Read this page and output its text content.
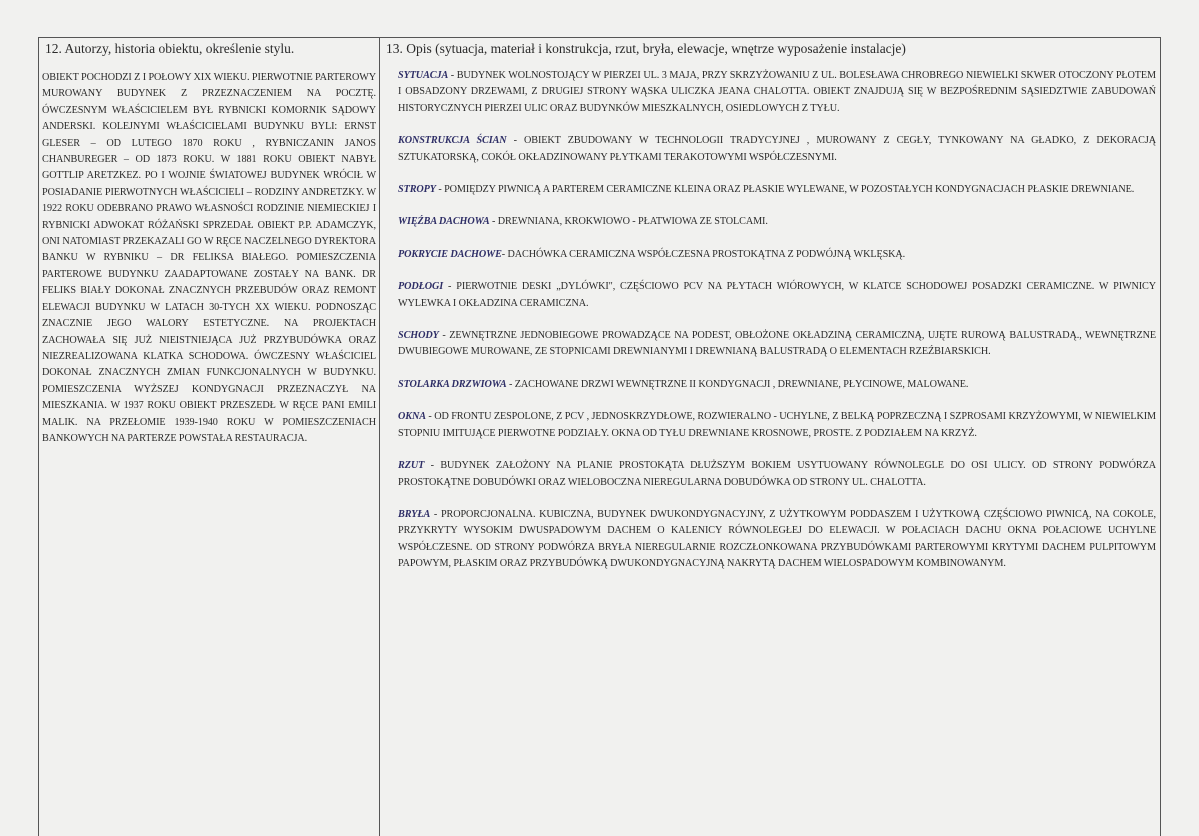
12. Autorzy, historia obiektu, określenie stylu.	13. Opis (sytuacja, materiał i konstrukcja, rzut, bryła, elewacje, wnętrze wyposażenie instalacje)
OBIEKT POCHODZI Z I POŁOWY XIX WIEKU. PIERWOTNIE PARTEROWY MUROWANY BUDYNEK Z PRZEZNACZENIEM NA POCZTĘ. ÓWCZESNYM WŁAŚCICIELEM BYŁ RYBNICKI KOMORNIK SĄDOWY ANDERSKI. KOLEJNYMI WŁAŚCICIELAMI BUDYNKU BYLI: ERNST GLESER – OD LUTEGO 1870 ROKU , RYBNICZANIN JANOS CHANBUREGER – OD 1873 ROKU. W 1881 ROKU OBIEKT NABYŁ GOTTLIP ARETZKEZ. PO I WOJNIE ŚWIATOWEJ BUDYNEK WRÓCIŁ W POSIADANIE PIERWOTNYCH WŁAŚCICIELI – RODZINY ANDRETZKY. W 1922 ROKU ODEBRANO PRAWO WŁASNOŚCI RODZINIE NIEMIECKIEJ I RYBNICKI ADWOKAT RÓŻAŃSKI SPRZEDAŁ OBIEKT P.P. ADAMCZYK, ONI NATOMIAST PRZEKAZALI GO W RĘCE NACZELNEGO DYREKTORA BANKU W RYBNIKU – DR FELIKSA BIAŁEGO. POMIESZCZENIA PARTEROWE BUDYNKU ZAADAPTOWANE ZOSTAŁY NA BANK. DR FELIKS BIAŁY DOKONAŁ ZNACZNYCH PRZEBUDÓW ORAZ REMONT ELEWACJI BUDYNKU W LATACH 30-TYCH XX WIEKU. PODNOSZĄC ZNACZNIE JEGO WALORY ESTETYCZNE. NA PROJEKTACH ZACHOWAŁA SIĘ JUŻ NIEISTNIEJĄCA JUŻ PRZYBUDÓWKA ORAZ NIEZREALIZOWANA KLATKA SCHODOWA. ÓWCZESNY WŁAŚCICIEL DOKONAŁ ZNACZNYCH ZMIAN FUNKCJONALNYCH W BUDYNKU. POMIESZCZENIA WYŻSZEJ KONDYGNACJI PRZEZNACZYŁ NA MIESZKANIA. W 1937 ROKU OBIEKT PRZESZEDŁ W RĘCE PANI EMILI MALIK. NA PRZEŁOMIE 1939-1940 ROKU W POMIESZCZENIACH BANKOWYCH NA PARTERZE POWSTAŁA RESTAURACJA.

SYTUACJA - BUDYNEK WOLNOSTOJĄCY W PIERZEI UL. 3 MAJA, PRZY SKRZYŻOWANIU Z UL. BOLESŁAWA CHROBREGO NIEWIELKI SKWER OTOCZONY PŁOTEM I OBSADZONY DRZEWAMI, Z DRUGIEJ STRONY WĄSKA ULICZKA JEANA CHALOTTA. OBIEKT ZNAJDUJĄ SIĘ W BEZPOŚREDNIM SĄSIEDZTWIE ZABUDOWAŃ HISTORYCZNYCH PIERZEI ULIC ORAZ BUDYNKÓW MIESZKALNYCH, OSIEDLOWYCH Z TYŁU.

KONSTRUKCJA ŚCIAN - OBIEKT ZBUDOWANY W TECHNOLOGII TRADYCYJNEJ , MUROWANY Z CEGŁY, TYNKOWANY NA GŁADKO, Z DEKORACJĄ SZTUKATORSKĄ, COKÓŁ OKŁADZINOWANY PŁYTKAMI TERAKOTOWYMI WSPÓŁCZESNYMI.

STROPY - POMIĘDZY PIWNICĄ A PARTEREM CERAMICZNE KLEINA ORAZ PŁASKIE WYLEWANE, W POZOSTAŁYCH KONDYGNACJACH PŁASKIE DREWNIANE.

WIĘŹBA DACHOWA - DREWNIANA, KROKWIOWO - PŁATWIOWA ZE STOLCAMI.

POKRYCIE DACHOWE- DACHÓWKA CERAMICZNA WSPÓŁCZESNA PROSTOKĄTNA Z PODWÓJNĄ WKLĘSKĄ.

PODŁOGI - PIERWOTNIE DESKI „DYLÓWKI", CZĘŚCIOWO PCV NA PŁYTACH WIÓROWYCH, W KLATCE SCHODOWEJ POSADZKI CERAMICZNE. W PIWNICY WYLEWKA I OKŁADZINA CERAMICZNA.

SCHODY - ZEWNĘTRZNE JEDNOBIEGOWE PROWADZĄCE NA PODEST, OBŁOŻONE OKŁADZINĄ CERAMICZNĄ, UJĘTE RUROWĄ BALUSTRADĄ., WEWNĘTRZNE DWUBIEGOWE MUROWANE, ZE STOPNICAMI DREWNIANYMI I DREWNIANĄ BALUSTRADĄ O ELEMENTACH RZEŹBIARSKICH.

STOLARKA DRZWIOWA - ZACHOWANE DRZWI WEWNĘTRZNE II KONDYGNACJI , DREWNIANE, PŁYCINOWE, MALOWANE.

OKNA - OD FRONTU ZESPOLONE, Z PCV , JEDNOSKRZYDŁOWE, ROZWIERALNO - UCHYLNE, Z BELKĄ POPRZECZNĄ I SZPROSAMI KRZYŻOWYMI, W NIEWIELKIM STOPNIU IMITUJĄCE PIERWOTNE PODZIAŁY. OKNA OD TYŁU DREWNIANE KROSNOWE, PROSTE. Z PODZIAŁEM NA KRZYŻ.

RZUT - BUDYNEK ZAŁOŻONY NA PLANIE PROSTOKĄTA DŁUŻSZYM BOKIEM USYTUOWANY RÓWNOLEGLE DO OSI ULICY. OD STRONY PODWÓRZA PROSTOKĄTNE DOBUDÓWKI ORAZ WIELOBOCZNA NIEREGULARNA DOBUDÓWKA OD STRONY UL. CHALOTTA.

BRYŁA - PROPORCJONALNA. KUBICZNA, BUDYNEK DWUKONDYGNACYJNY, Z UŻYTKOWYM PODDASZEM I UŻYTKOWĄ CZĘŚCIOWO PIWNICĄ, NA COKOLE, PRZYKRYTY WYSOKIM DWUSPADOWYM DACHEM O KALENICY RÓWNOLEGŁEJ DO ELEWACJI. W POŁACIACH DACHU OKNA POŁACIOWE UCHYLNE WSPÓŁCZESNE. OD STRONY PODWÓRZA BRYŁA NIEREGULARNIE ROZCZŁONKOWANA PRZYBUDÓWKAMI PARTEROWYMI KRYTYMI DACHEM PULPITOWYM PAPOWYM, PŁASKIM ORAZ PRZYBUDÓWKĄ DWUKONDYGNACYJNĄ NAKRYTĄ DACHEM WIELOSPADOWYM KOMBINOWANYM.
